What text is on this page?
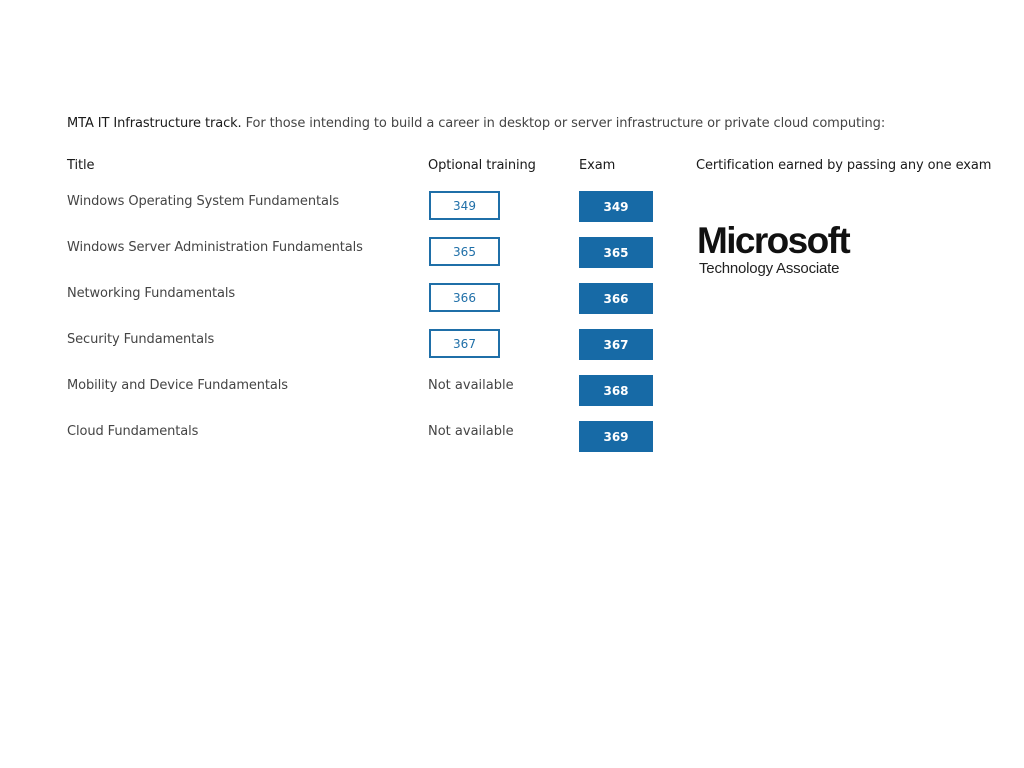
MTA IT Infrastructure track. For those intending to build a career in desktop or server infrastructure or private cloud computing:
Title	Optional training	Exam	Certification earned by passing any one exam
Windows Operating System Fundamentals	349	349
Windows Server Administration Fundamentals	365	365
Networking Fundamentals	366	366
Security Fundamentals	367	367
Mobility and Device Fundamentals	Not available	368
Cloud Fundamentals	Not available	369
Microsoft
Technology Associate
